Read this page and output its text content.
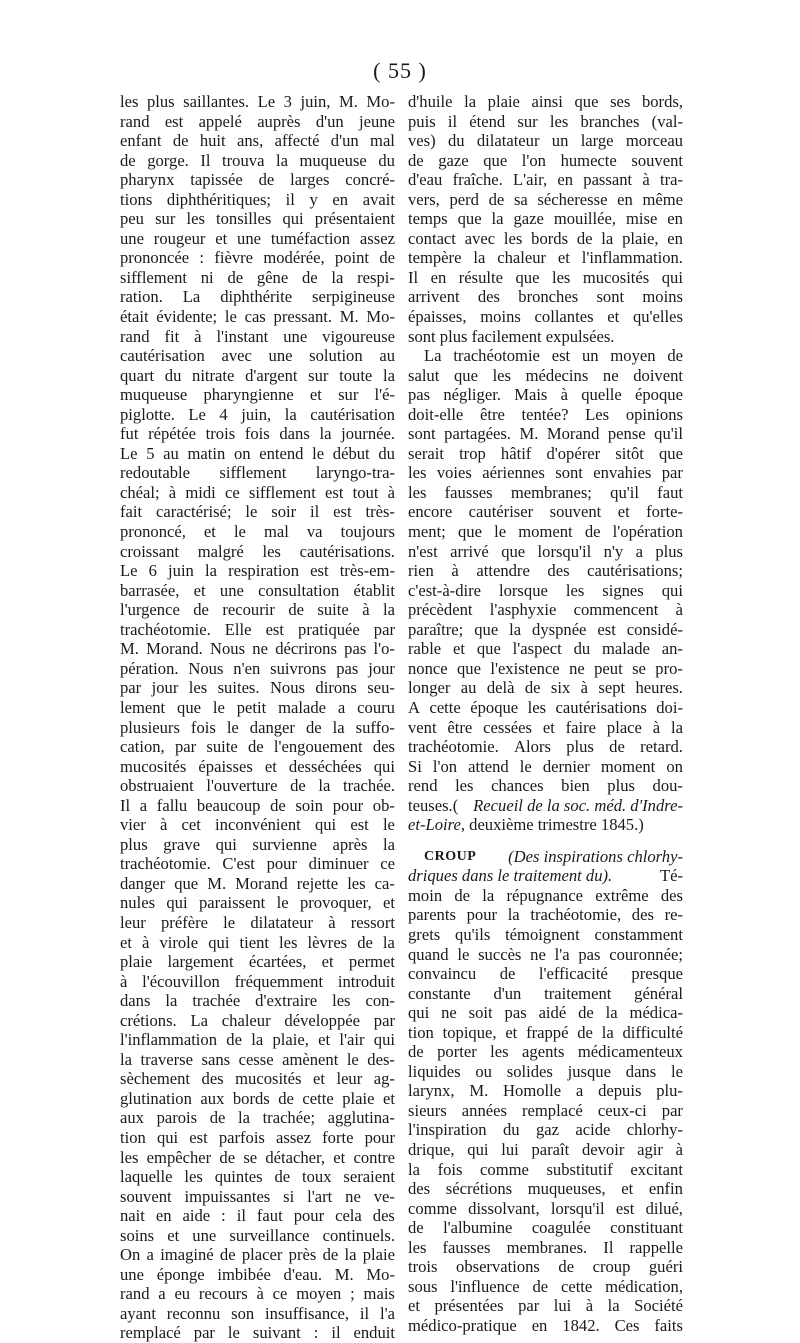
( 55 )
les plus saillantes. Le 3 juin, M. Mo-
rand est appelé auprès d'un jeune
enfant de huit ans, affecté d'un mal
de gorge. Il trouva la muqueuse du
pharynx tapissée de larges concré-
tions diphthéritiques; il y en avait
peu sur les tonsilles qui présentaient
une rougeur et une tuméfaction assez
prononcée : fièvre modérée, point de
sifflement ni de gêne de la respi-
ration. La diphthérite serpigineuse
était évidente; le cas pressant. M. Mo-
rand fit à l'instant une vigoureuse
cautérisation avec une solution au
quart du nitrate d'argent sur toute la
muqueuse pharyngienne et sur l'é-
piglotte. Le 4 juin, la cautérisation
fut répétée trois fois dans la journée.
Le 5 au matin on entend le début du
redoutable sifflement laryngo-tra-
chéal; à midi ce sifflement est tout à
fait caractérisé; le soir il est très-
prononcé, et le mal va toujours
croissant malgré les cautérisations.
Le 6 juin la respiration est très-em-
barrasée, et une consultation établit
l'urgence de recourir de suite à la
trachéotomie. Elle est pratiquée par
M. Morand. Nous ne décrirons pas l'o-
pération. Nous n'en suivrons pas jour
par jour les suites. Nous dirons seu-
lement que le petit malade a couru
plusieurs fois le danger de la suffo-
cation, par suite de l'engouement des
mucosités épaisses et desséchées qui
obstruaient l'ouverture de la trachée.
Il a fallu beaucoup de soin pour ob-
vier à cet inconvénient qui est le
plus grave qui survienne après la
trachéotomie. C'est pour diminuer ce
danger que M. Morand rejette les ca-
nules qui paraissent le provoquer, et
leur préfère le dilatateur à ressort
et à virole qui tient les lèvres de la
plaie largement écartées, et permet
à l'écouvillon fréquemment introduit
dans la trachée d'extraire les con-
crétions. La chaleur développée par
l'inflammation de la plaie, et l'air qui
la traverse sans cesse amènent le des-
sèchement des mucosités et leur ag-
glutination aux bords de cette plaie et
aux parois de la trachée; agglutina-
tion qui est parfois assez forte pour
les empêcher de se détacher, et contre
laquelle les quintes de toux seraient
souvent impuissantes si l'art ne ve-
nait en aide : il faut pour cela des
soins et une surveillance continuels.
On a imaginé de placer près de la plaie
une éponge imbibée d'eau. M. Mo-
rand a eu recours à ce moyen ; mais
ayant reconnu son insuffisance, il l'a
remplacé par le suivant : il enduit
d'huile la plaie ainsi que ses bords,
puis il étend sur les branches (val-
ves) du dilatateur un large morceau
de gaze que l'on humecte souvent
d'eau fraîche. L'air, en passant à tra-
vers, perd de sa sécheresse en même
temps que la gaze mouillée, mise en
contact avec les bords de la plaie, en
tempère la chaleur et l'inflammation.
Il en résulte que les mucosités qui
arrivent des bronches sont moins
épaisses, moins collantes et qu'elles
sont plus facilement expulsées.
La trachéotomie est un moyen de
salut que les médecins ne doivent
pas négliger. Mais à quelle époque
doit-elle être tentée? Les opinions
sont partagées. M. Morand pense qu'il
serait trop hâtif d'opérer sitôt que
les voies aériennes sont envahies par
les fausses membranes; qu'il faut
encore cautériser souvent et forte-
ment; que le moment de l'opération
n'est arrivé que lorsqu'il n'y a plus
rien à attendre des cautérisations;
c'est-à-dire lorsque les signes qui
précèdent l'asphyxie commencent à
paraître; que la dyspnée est considé-
rable et que l'aspect du malade an-
nonce que l'existence ne peut se pro-
longer au delà de six à sept heures.
A cette époque les cautérisations doi-
vent être cessées et faire place à la
trachéotomie. Alors plus de retard.
Si l'on attend le dernier moment on
rend les chances bien plus dou-
teuses.( Recueil de la soc. méd. d'Indre-
et-Loire , deuxième trimestre 1845.)
CROUP (Des inspirations chlorhy-
driques dans le traitement du).	Té-
moin de la répugnance extrême des
parents pour la trachéotomie, des re-
grets qu'ils témoignent constamment
quand le succès ne l'a pas couronnée;
convaincu de l'efficacité presque
constante d'un traitement général
qui ne soit pas aidé de la médica-
tion topique, et frappé de la difficulté
de porter les agents médicamenteux
liquides ou solides jusque dans le
larynx, M. Homolle a depuis plu-
sieurs années remplacé ceux-ci par
l'inspiration du gaz acide chlorhy-
drique, qui lui paraît devoir agir à
la fois comme substitutif excitant
des sécrétions muqueuses, et enfin
comme dissolvant, lorsqu'il est dilué,
de l'albumine coagulée constituant
les fausses membranes. Il rappelle
trois observations de croup guéri
sous l'influence de cette médication,
et présentées par lui à la Société
médico-pratique en 1842. Ces faits
